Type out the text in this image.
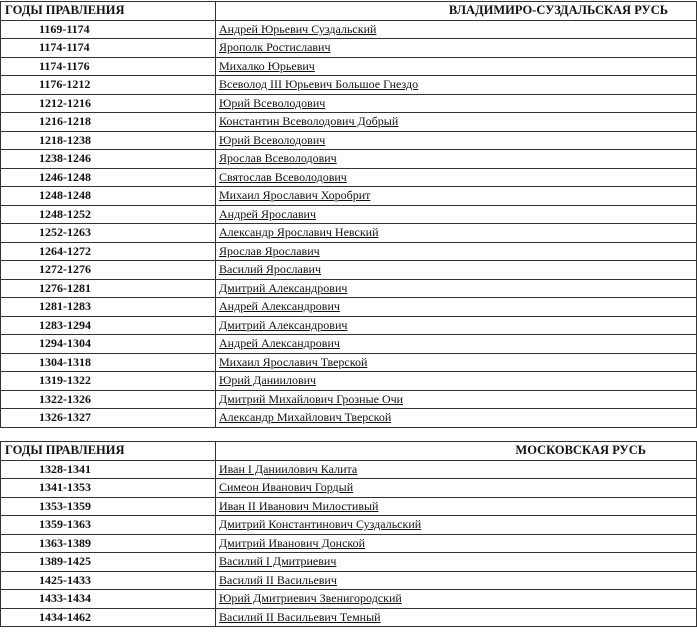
ГОДЫ ПРАВЛЕНИЯ	ВЛАДИМИРО-СУЗДАЛЬСКАЯ РУСЬ
1169-1174	Андрей Юрьевич Суздальский
1174-1174	Ярополк Ростиславич
1174-1176	Михалко Юрьевич
1176-1212	Всеволод III Юрьевич Большое Гнездо
1212-1216	Юрий Всеволодович
1216-1218	Константин Всеволодович Добрый
1218-1238	Юрий Всеволодович
1238-1246	Ярослав Всеволодович
1246-1248	Святослав Всеволодович
1248-1248	Михаил Ярославич Хоробрит
1248-1252	Андрей Ярославич
1252-1263	Александр Ярославич Невский
1264-1272	Ярослав Ярославич
1272-1276	Василий Ярославич
1276-1281	Дмитрий Александрович
1281-1283	Андрей Александрович
1283-1294	Дмитрий Александрович
1294-1304	Андрей Александрович
1304-1318	Михаил Ярославич Тверской
1319-1322	Юрий Даниилович
1322-1326	Дмитрий Михайлович Грозные Очи
1326-1327	Александр Михайлович Тверской
ГОДЫ ПРАВЛЕНИЯ	МОСКОВСКАЯ РУСЬ
1328-1341	Иван I Даниилович Калита
1341-1353	Симеон Иванович Гордый
1353-1359	Иван II Иванович Милостивый
1359-1363	Дмитрий Константинович Суздальский
1363-1389	Дмитрий Иванович Донской
1389-1425	Василий I Дмитриевич
1425-1433	Василий II Васильевич
1433-1434	Юрий Дмитриевич Звенигородский
1434-1462	Василий II Васильевич Темный
